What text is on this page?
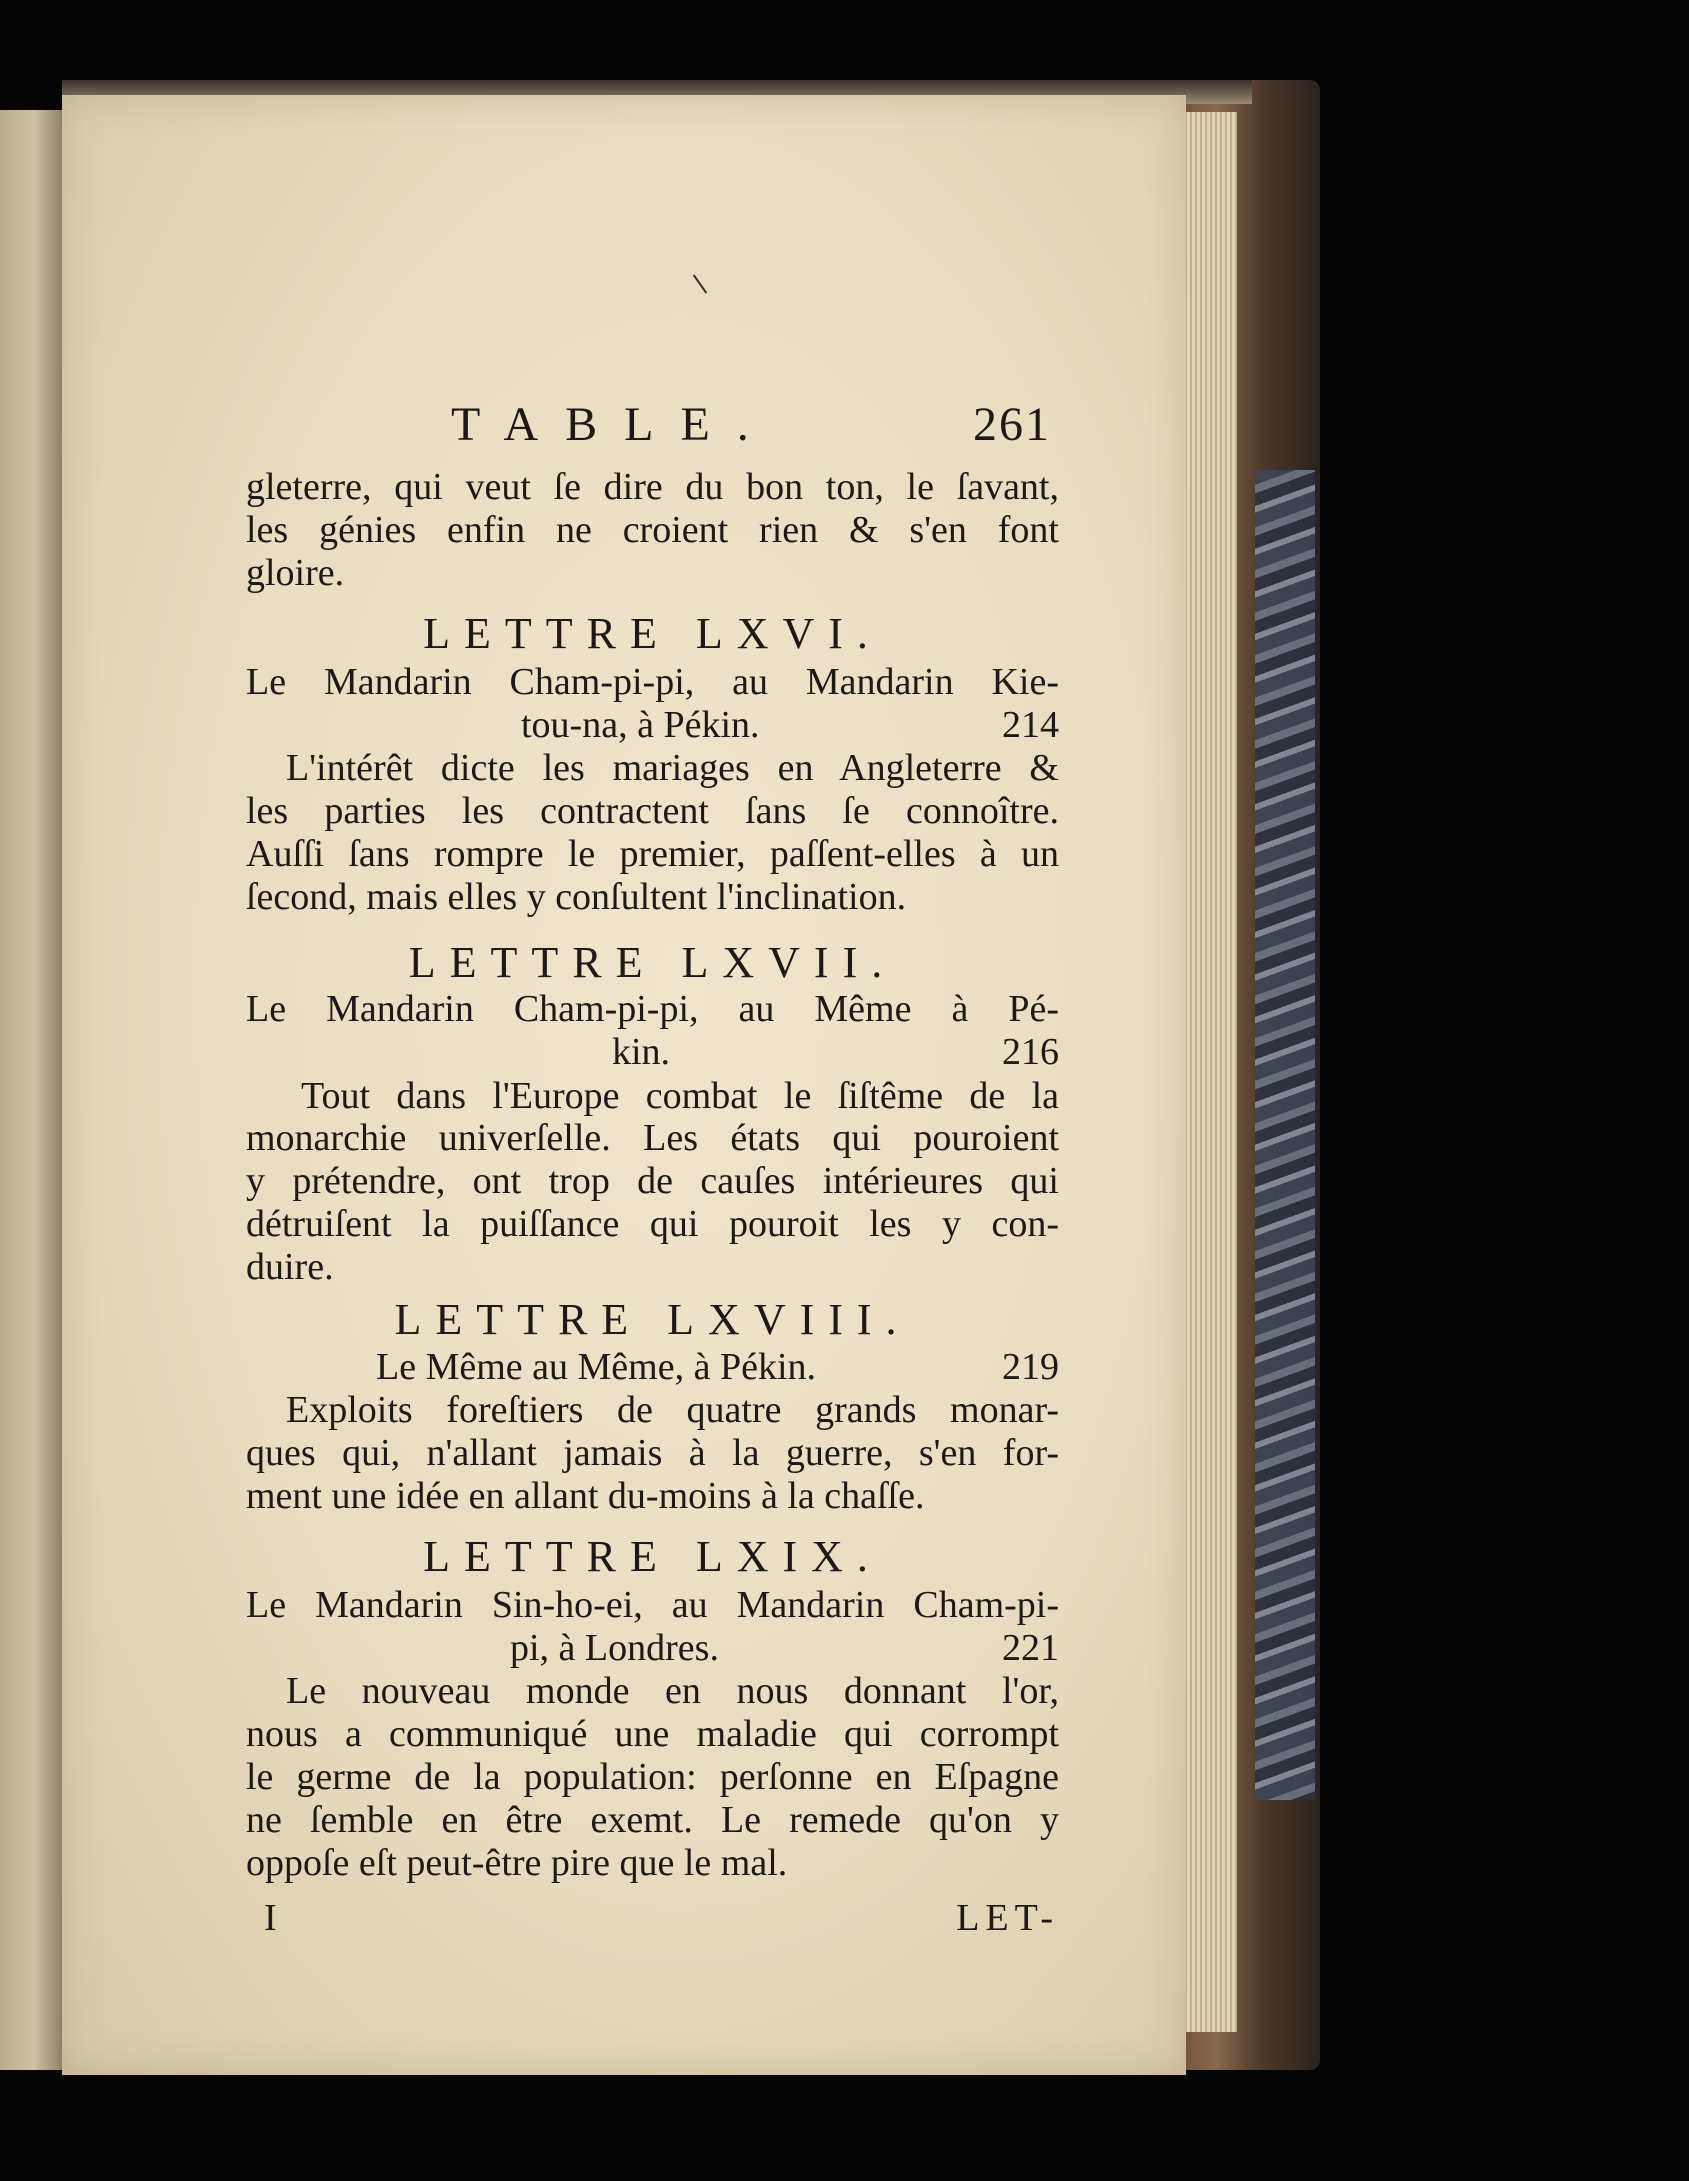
TABLE.	261
gleterre, qui veut ſe dire du bon ton, le ſavant,
les génies enfin ne croient rien & s'en font
gloire.
LETTRE LXVI.
Le Mandarin Cham-pi-pi, au Mandarin Kie-
tou-na, à Pékin.	214
L'intérêt dicte les mariages en Angleterre &
les parties les contractent ſans ſe connoître.
Auſſi ſans rompre le premier, paſſent-elles à un
ſecond, mais elles y conſultent l'inclination.
LETTRE LXVII.
Le Mandarin Cham-pi-pi, au Même à Pé-
kin.	216
Tout dans l'Europe combat le ſiſtême de la
monarchie univerſelle. Les états qui pouroient
y prétendre, ont trop de cauſes intérieures qui
détruiſent la puiſſance qui pouroit les y con-
duire.
LETTRE LXVIII.
Le Même au Même, à Pékin.	219
Exploits foreſtiers de quatre grands monar-
ques qui, n'allant jamais à la guerre, s'en for-
ment une idée en allant du-moins à la chaſſe.
LETTRE LXIX.
Le Mandarin Sin-ho-ei, au Mandarin Cham-pi-
pi, à Londres.	221
Le nouveau monde en nous donnant l'or,
nous a communiqué une maladie qui corrompt
le germe de la population: perſonne en Eſpagne
ne ſemble en être exemt. Le remede qu'on y
oppoſe eſt peut-être pire que le mal.
I	LET-
